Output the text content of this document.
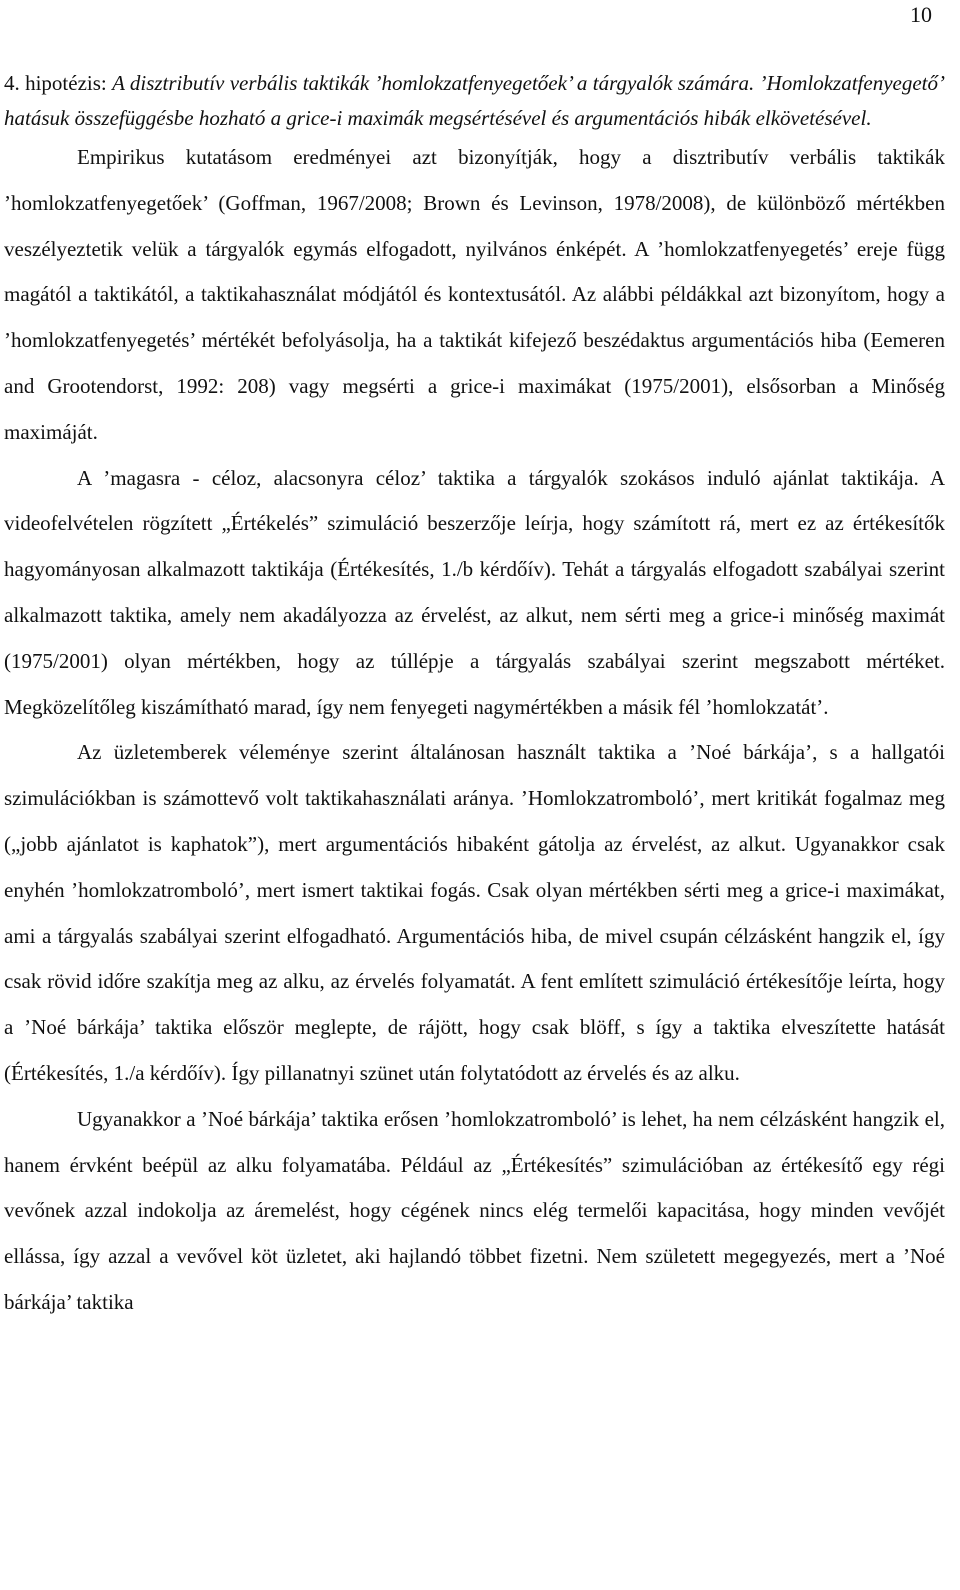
10
4. hipotézis: A disztributív verbális taktikák ’homlokzatfenyegetőek’ a tárgyalók számára. ’Homlokzatfenyegető’ hatásuk összefüggésbe hozható a grice-i maximák megsértésével és argumentációs hibák elkövetésével.

Empirikus kutatásom eredményei azt bizonyítják, hogy a disztributív verbális taktikák ’homlokzatfenyegetőek’ (Goffman, 1967/2008; Brown és Levinson, 1978/2008), de különböző mértékben veszélyeztetik velük a tárgyalók egymás elfogadott, nyilvános énképét. A ’homlokzatfenyegetés’ ereje függ magától a taktikától, a taktikahasználat módjától és kontextusától. Az alábbi példákkal azt bizonyítom, hogy a ’homlokzatfenyegetés’ mértékét befolyásolja, ha a taktikát kifejező beszédaktus argumentációs hiba (Eemeren and Grootendorst, 1992: 208) vagy megsérti a grice-i maximákat (1975/2001), elsősorban a Minőség maximáját.

A ’magasra - céloz, alacsonyra céloz’ taktika a tárgyalók szokásos induló ajánlat taktikája. A videofelvételen rögzített „Értékelés” szimuláció beszerzője leírja, hogy számított rá, mert ez az értékesítők hagyományosan alkalmazott taktikája (Értékesítés, 1./b kérdőív). Tehát a tárgyalás elfogadott szabályai szerint alkalmazott taktika, amely nem akadályozza az érvelést, az alkut, nem sérti meg a grice-i minőség maximát (1975/2001) olyan mértékben, hogy az túllépje a tárgyalás szabályai szerint megszabott mértéket. Megközelítőleg kiszámítható marad, így nem fenyegeti nagymértékben a másik fél ’homlokzatát’.

Az üzletemberek véleménye szerint általánosan használt taktika a ’Noé bárkája’, s a hallgatói szimulációkban is számottevő volt taktikahasználati aránya. ’Homlokzatromboló’, mert kritikát fogalmaz meg („jobb ajánlatot is kaphatok”), mert argumentációs hibaként gátolja az érvelést, az alkut. Ugyanakkor csak enyhén ’homlokzatromboló’, mert ismert taktikai fogás. Csak olyan mértékben sérti meg a grice-i maximákat, ami a tárgyalás szabályai szerint elfogadható. Argumentációs hiba, de mivel csupán célzásként hangzik el, így csak rövid időre szakítja meg az alku, az érvelés folyamatát. A fent említett szimuláció értékesítője leírta, hogy a ’Noé bárkája’ taktika először meglepte, de rájött, hogy csak blöff, s így a taktika elveszítette hatását (Értékesítés, 1./a kérdőív). Így pillanatnyi szünet után folytatódott az érvelés és az alku.

Ugyanakkor a ’Noé bárkája’ taktika erősen ’homlokzatromboló’ is lehet, ha nem célzásként hangzik el, hanem érvként beépül az alku folyamatába. Például az „Értékesítés” szimulációban az értékesítő egy régi vevőnek azzal indokolja az áremelést, hogy cégének nincs elég termelői kapacitása, hogy minden vevőjét ellássa, így azzal a vevővel köt üzletet, aki hajlandó többet fizetni. Nem született megegyezés, mert a ’Noé bárkája’ taktika
